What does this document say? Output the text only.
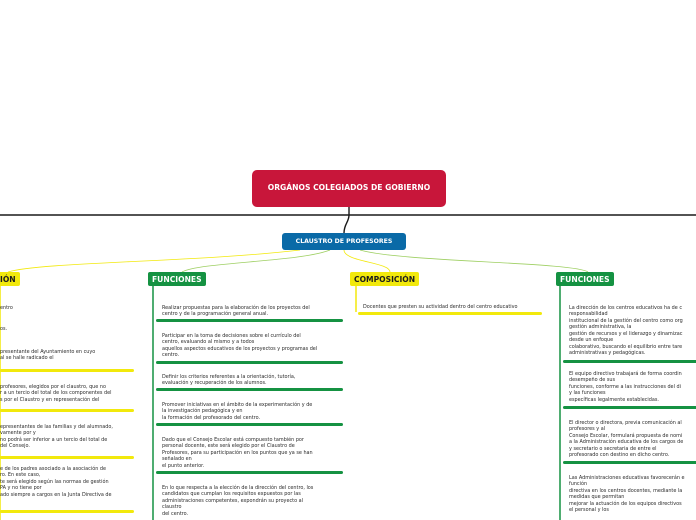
ORGÁNOS COLEGIADOS DE GOBIERNO
CLAUSTRO DE PROFESORES
IÓN
entro
os.
presentante del Ayuntamiento en cuyo
al se halle radicado el
profesores, elegidos por el claustro, que no
r a un tercio del total de los componentes del
s por el Claustro y en representación del
epresentantes de las familias y del alumnado,
vamente por y
no podrá ser inferior a un tercio del total de
del Consejo.
e de los padres asociado a la asociación de
ro. En este caso,
te será elegido según las normas de gestión
PA y no tiene por
ado siempre a cargos en la Junta Directiva de
FUNCIONES
Realizar propuestas para la elaboración de los proyectos del
centro y de la programación general anual.
Participar en la toma de decisiones sobre el currículo del
centro, evaluando al mismo y a todos
aquellos aspectos educativos de los proyectos y programas del
centro.
Definir los criterios referentes a la orientación, tutoría,
evaluación y recuperación de los alumnos.
Promover iniciativas en el ámbito de la experimentación y de
la investigación pedagógica y en
la formación del profesorado del centro.
Dado que el Consejo Escolar está compuesto también por
personal docente, este será elegido por el Claustro de
Profesores, para su participación en los puntos que ya se han
señalado en
el punto anterior.
En lo que respecta a la elección de la dirección del centro, los
candidatos que cumplan los requisitos expuestos por las
administraciones competentes, expondrán su proyecto al
claustro
del centro.
COMPOSICIÓN
Docentes que presten su actividad dentro del centro educativo
FUNCIONES
La dirección de los centros educativos ha de c
responsabilidad
institucional de la gestión del centro como org
gestión administrativa, la
gestión de recursos y el liderazgo y dinamizac
desde un enfoque
colaborativo, buscando el equilibrio entre tare
administrativas y pedagógicas.
El equipo directivo trabajará de forma coordin
desempeño de sus
funciones, conforme a las instrucciones del di
y las funciones
específicas legalmente establecidas.
El director o directora, previa comunicación al
profesores y al
Consejo Escolar, formulará propuesta de nomi
a la Administración educativa de los cargos de
y secretario o secretaria de entre el
profesorado con destino en dicho centro.
Las Administraciones educativas favorecerán e
función
directiva en los centros docentes, mediante la
medidas que permitan
mejorar la actuación de los equipos directivos
el personal y los
